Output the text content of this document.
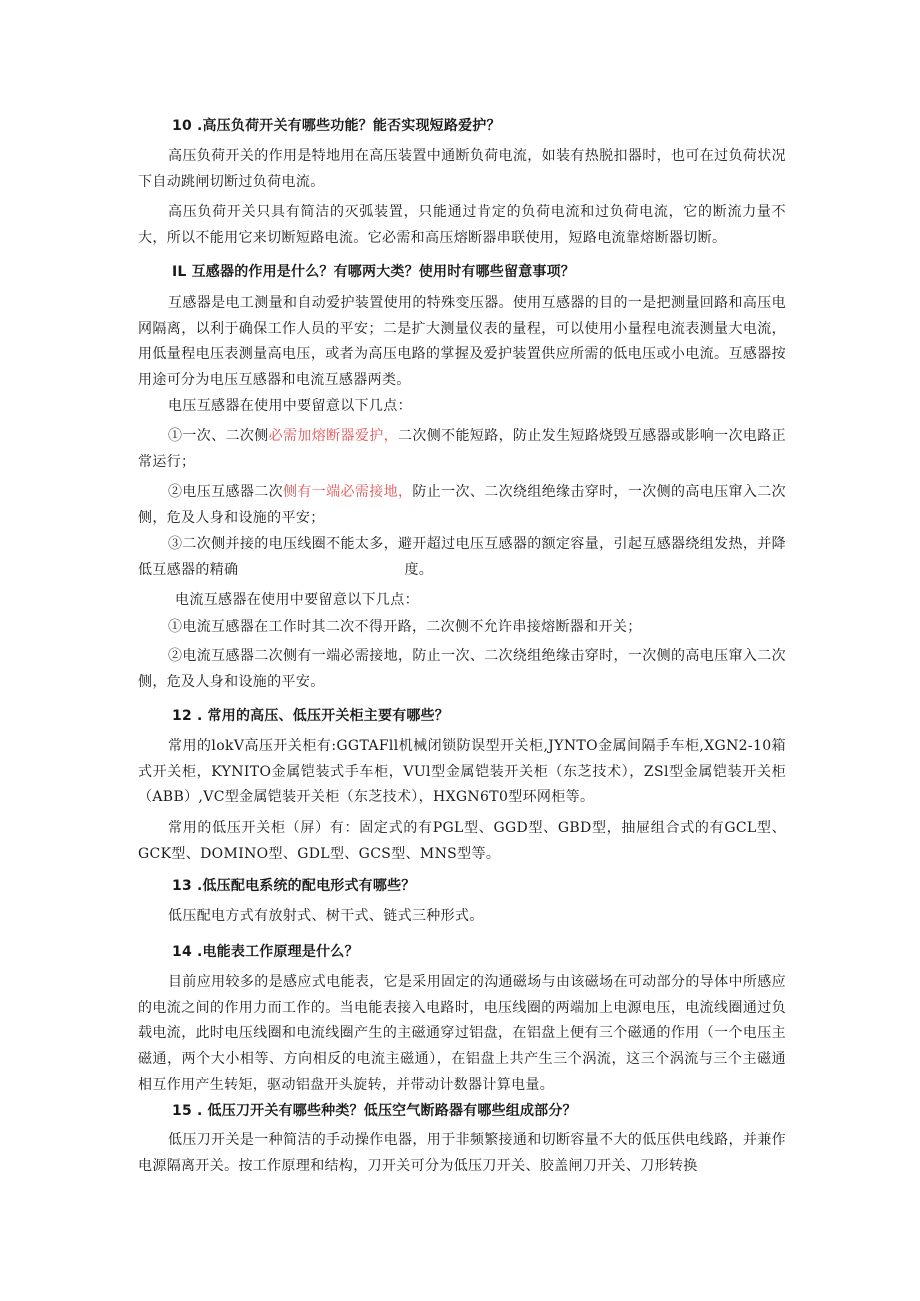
10 .高压负荷开关有哪些功能？能否实现短路爱护？

高压负荷开关的作用是特地用在高压装置中通断负荷电流，如装有热脱扣器时，也可在过负荷状况下自动跳闸切断过负荷电流。

高压负荷开关只具有简洁的灭弧装置，只能通过肯定的负荷电流和过负荷电流，它的断流力量不大，所以不能用它来切断短路电流。它必需和高压熔断器串联使用，短路电流靠熔断器切断。

IL 互感器的作用是什么？有哪两大类？使用时有哪些留意事项？

互感器是电工测量和自动爱护装置使用的特殊变压器。使用互感器的目的一是把测量回路和高压电网隔离，以利于确保工作人员的平安；二是扩大测量仪表的量程，可以使用小量程电流表测量大电流，用低量程电压表测量高电压，或者为高压电路的掌握及爱护装置供应所需的低电压或小电流。互感器按用途可分为电压互感器和电流互感器两类。

电压互感器在使用中要留意以下几点：

①一次、二次侧必需加熔断器爱护，二次侧不能短路，防止发生短路烧毁互感器或影响一次电路正常运行；

②电压互感器二次侧有一端必需接地，防止一次、二次绕组绝缘击穿时，一次侧的高电压窜入二次侧，危及人身和设施的平安；

③二次侧并接的电压线圈不能太多，避开超过电压互感器的额定容量，引起互感器绕组发热，并降低互感器的精确	度。

电流互感器在使用中要留意以下几点：

①电流互感器在工作时其二次不得开路，二次侧不允许串接熔断器和开关；

②电流互感器二次侧有一端必需接地，防止一次、二次绕组绝缘击穿时，一次侧的高电压窜入二次侧，危及人身和设施的平安。

12 . 常用的高压、低压开关柜主要有哪些？

常用的lokV高压开关柜有:GGTAFll机械闭锁防误型开关柜,JYNTO金属间隔手车柜,XGN2-10箱式开关柜，KYNITO金属铠装式手车柜，VUl型金属铠装开关柜（东芝技术），ZSl型金属铠装开关柜（ABB）,VC型金属铠装开关柜（东芝技术），HXGN6T0型环网柜等。

常用的低压开关柜（屏）有：固定式的有PGL型、GGD型、GBD型，抽屉组合式的有GCL型、GCK型、DOMINO型、GDL型、GCS型、MNS型等。

13 .低压配电系统的配电形式有哪些？

低压配电方式有放射式、树干式、链式三种形式。

14 .电能表工作原理是什么？

目前应用较多的是感应式电能表，它是采用固定的沟通磁场与由该磁场在可动部分的导体中所感应的电流之间的作用力而工作的。当电能表接入电路时，电压线圈的两端加上电源电压，电流线圈通过负载电流，此时电压线圈和电流线圈产生的主磁通穿过铝盘，在铝盘上便有三个磁通的作用（一个电压主磁通，两个大小相等、方向相反的电流主磁通），在铝盘上共产生三个涡流，这三个涡流与三个主磁通相互作用产生转矩，驱动铝盘开头旋转，并带动计数器计算电量。

15 . 低压刀开关有哪些种类？低压空气断路器有哪些组成部分？

低压刀开关是一种简洁的手动操作电器，用于非频繁接通和切断容量不大的低压供电线路，并兼作电源隔离开关。按工作原理和结构，刀开关可分为低压刀开关、胶盖闸刀开关、刀形转换
